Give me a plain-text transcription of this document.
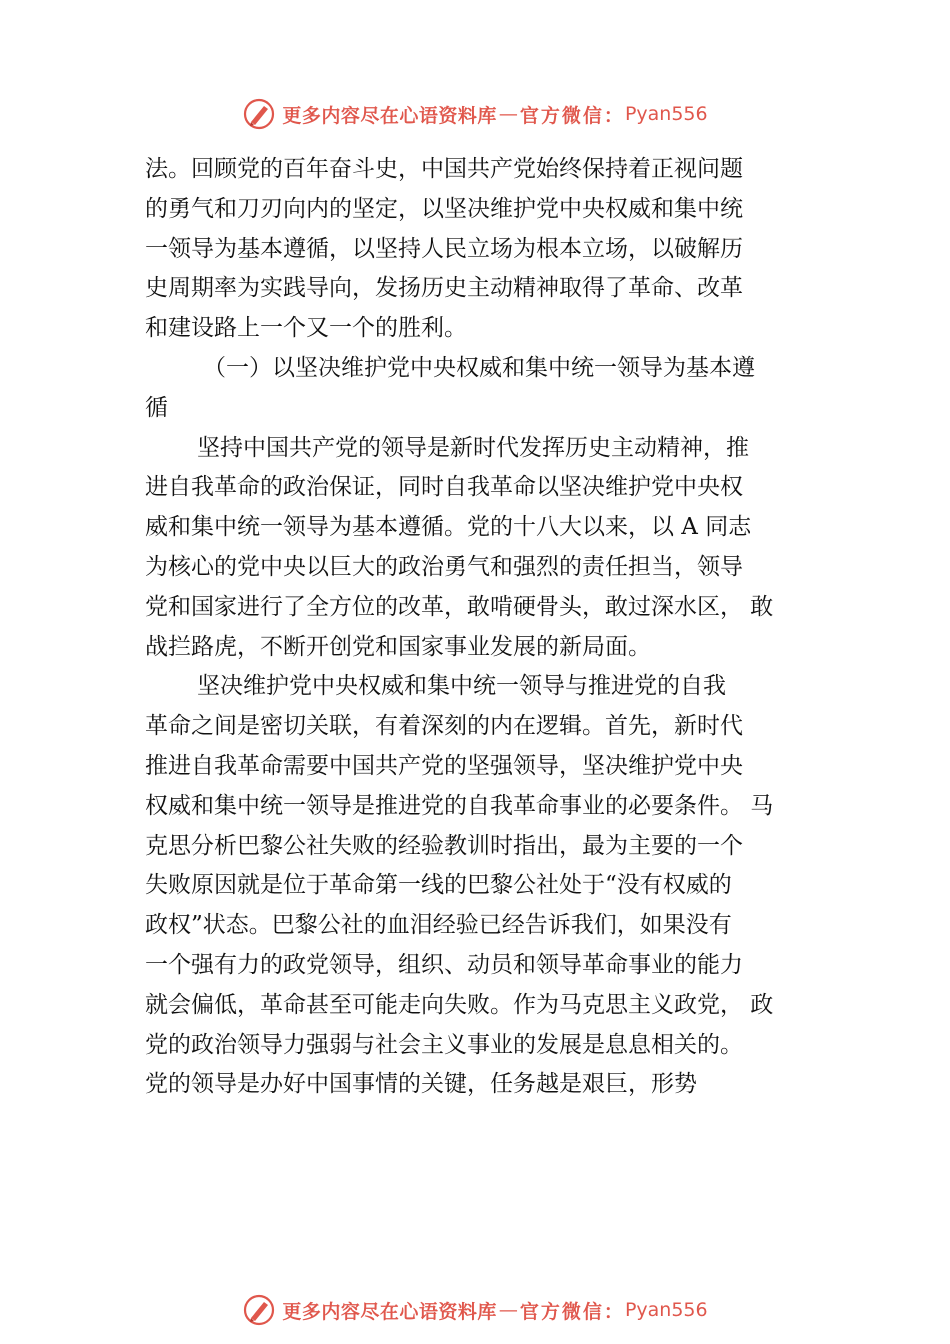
更多内容尽在心语资料库 — 官方微信： Pyan556
法。回顾党的百年奋斗史，中国共产党始终保持着正视问题
的勇气和刀刃向内的坚定，以坚决维护党中央权威和集中统
一领导为基本遵循，以坚持人民立场为根本立场，以破解历
史周期率为实践导向，发扬历史主动精神取得了革命、改革
和建设路上一个又一个的胜利。
（一）以坚决维护党中央权威和集中统一领导为基本遵
循
坚持中国共产党的领导是新时代发挥历史主动精神，推
进自我革命的政治保证，同时自我革命以坚决维护党中央权
威和集中统一领导为基本遵循。党的十八大以来，以 A 同志
为核心的党中央以巨大的政治勇气和强烈的责任担当，领导
党和国家进行了全方位的改革，敢啃硬骨头，敢过深水区， 敢
战拦路虎，不断开创党和国家事业发展的新局面。
坚决维护党中央权威和集中统一领导与推进党的自我
革命之间是密切关联，有着深刻的内在逻辑。首先，新时代
推进自我革命需要中国共产党的坚强领导，坚决维护党中央
权威和集中统一领导是推进党的自我革命事业的必要条件。 马
克思分析巴黎公社失败的经验教训时指出，最为主要的一个
失败原因就是位于革命第一线的巴黎公社处于“没有权威的
政权”状态。巴黎公社的血泪经验已经告诉我们，如果没有
一个强有力的政党领导，组织、动员和领导革命事业的能力
就会偏低，革命甚至可能走向失败。作为马克思主义政党， 政
党的政治领导力强弱与社会主义事业的发展是息息相关的。
党的领导是办好中国事情的关键，任务越是艰巨，形势
更多内容尽在心语资料库 — 官方微信： Pyan556
